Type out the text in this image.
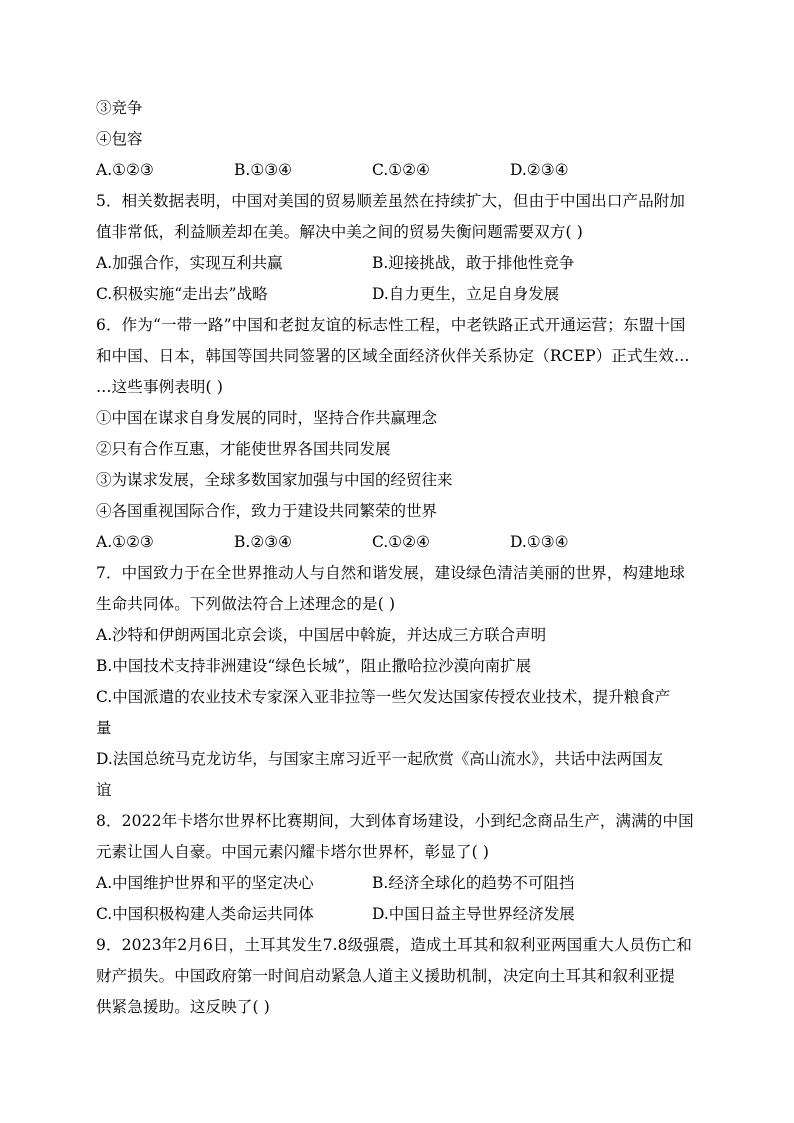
③竞争
④包容
A.①②③	B.①③④	C.①②④	D.②③④
5．相关数据表明，中国对美国的贸易顺差虽然在持续扩大，但由于中国出口产品附加
值非常低，利益顺差却在美。解决中美之间的贸易失衡问题需要双方( )
A.加强合作，实现互利共赢	B.迎接挑战，敢于排他性竞争
C.积极实施“走出去”战略	D.自力更生，立足自身发展
6．作为“一带一路”中国和老挝友谊的标志性工程，中老铁路正式开通运营；东盟十国
和中国、日本，韩国等国共同签署的区域全面经济伙伴关系协定（RCEP）正式生效…
…这些事例表明( )
①中国在谋求自身发展的同时，坚持合作共赢理念
②只有合作互惠，才能使世界各国共同发展
③为谋求发展，全球多数国家加强与中国的经贸往来
④各国重视国际合作，致力于建设共同繁荣的世界
A.①②③	B.②③④	C.①②④	D.①③④
7．中国致力于在全世界推动人与自然和谐发展，建设绿色清洁美丽的世界，构建地球
生命共同体。下列做法符合上述理念的是( )
A.沙特和伊朗两国北京会谈，中国居中斡旋，并达成三方联合声明
B.中国技术支持非洲建设“绿色长城”，阻止撒哈拉沙漠向南扩展
C.中国派遣的农业技术专家深入亚非拉等一些欠发达国家传授农业技术，提升粮食产
量
D.法国总统马克龙访华，与国家主席习近平一起欣赏《高山流水》，共话中法两国友
谊
8．2022年卡塔尔世界杯比赛期间，大到体育场建设，小到纪念商品生产，满满的中国
元素让国人自豪。中国元素闪耀卡塔尔世界杯，彰显了( )
A.中国维护世界和平的坚定决心	B.经济全球化的趋势不可阻挡
C.中国积极构建人类命运共同体	D.中国日益主导世界经济发展
9．2023年2月6日，土耳其发生7.8级强震，造成土耳其和叙利亚两国重大人员伤亡和
财产损失。中国政府第一时间启动紧急人道主义援助机制，决定向土耳其和叙利亚提
供紧急援助。这反映了( )
